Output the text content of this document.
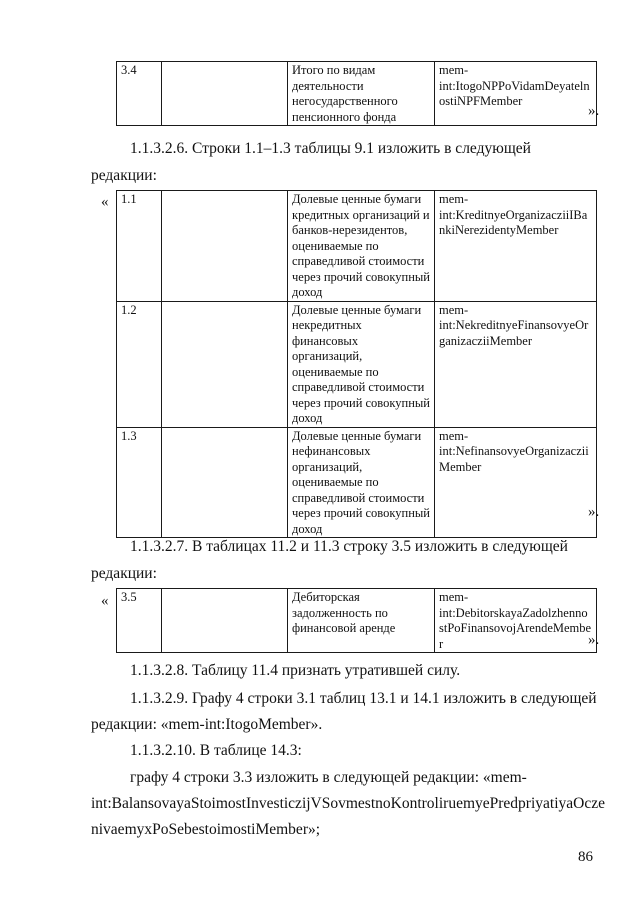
3.4		Итого по видам деятельности негосударственного пенсионного фонда	mem-int:ItogoNPPoVidamDeyatelnostiNPFMember
».
1.1.3.2.6. Строки 1.1–1.3 таблицы 9.1 изложить в следующей
редакции:
« 1.1		Долевые ценные бумаги кредитных организаций и банков-нерезидентов, оцениваемые по справедливой стоимости через прочий совокупный доход	mem-int:KreditnyeOrganizacziiIBankiNerezidentyMember
1.2		Долевые ценные бумаги некредитных финансовых организаций, оцениваемые по справедливой стоимости через прочий совокупный доход	mem-int:NekreditnyeFinansovyeOrganizacziiMember
1.3		Долевые ценные бумаги нефинансовых организаций, оцениваемые по справедливой стоимости через прочий совокупный доход	mem-int:NefinansovyeOrganizacziiMember
».
1.1.3.2.7. В таблицах 11.2 и 11.3 строку 3.5 изложить в следующей
редакции:
« 3.5		Дебиторская задолженность по финансовой аренде	mem-int:DebitorskayaZadolzhennostPoFinansovojArendeMember	».
1.1.3.2.8. Таблицу 11.4 признать утратившей силу.
1.1.3.2.9. Графу 4 строки 3.1 таблиц 13.1 и 14.1 изложить в следующей
редакции: «mem-int:ItogoMember».
1.1.3.2.10. В таблице 14.3:
графу 4 строки 3.3 изложить в следующей редакции: «mem-
int:BalansovayaStoimostInvesticzijVSovmestnoKontroliruemyePredpriyatiyaOcze
nivaemyxPoSebestoimostiMember»;
86
